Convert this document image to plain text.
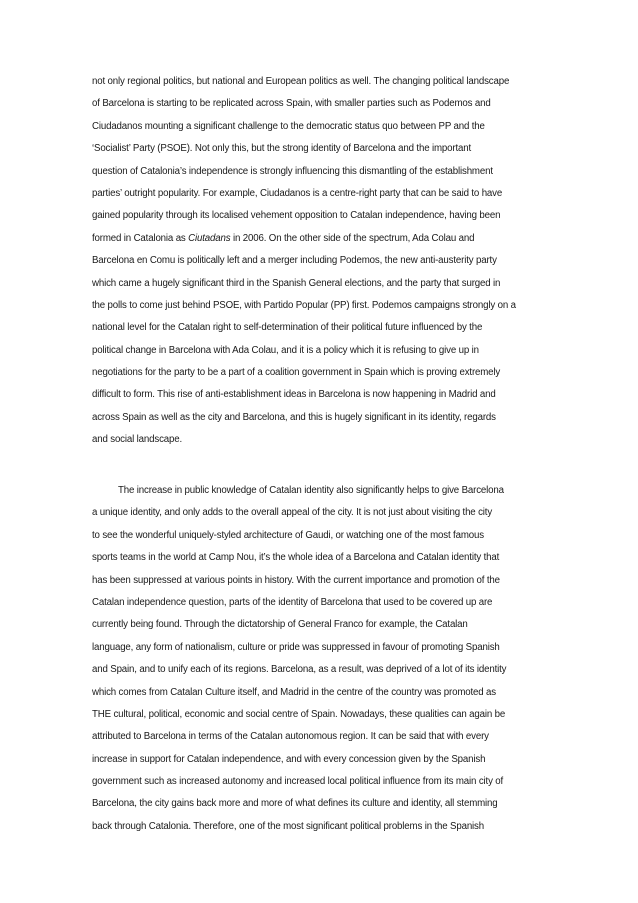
not only regional politics, but national and European politics as well. The changing political landscape
of Barcelona is starting to be replicated across Spain, with smaller parties such as Podemos and
Ciudadanos mounting a significant challenge to the democratic status quo between PP and the
‘Socialist’ Party (PSOE). Not only this, but the strong identity of Barcelona and the important
question of Catalonia’s independence is strongly influencing this dismantling of the establishment
parties’ outright popularity. For example, Ciudadanos is a centre-right party that can be said to have
gained popularity through its localised vehement opposition to Catalan independence, having been
formed in Catalonia as Ciutadans in 2006. On the other side of the spectrum, Ada Colau and
Barcelona en Comu is politically left and a merger including Podemos, the new anti-austerity party
which came a hugely significant third in the Spanish General elections, and the party that surged in
the polls to come just behind PSOE, with Partido Popular (PP) first. Podemos campaigns strongly on a
national level for the Catalan right to self-determination of their political future influenced by the
political change in Barcelona with Ada Colau, and it is a policy which it is refusing to give up in
negotiations for the party to be a part of a coalition government in Spain which is proving extremely
difficult to form. This rise of anti-establishment ideas in Barcelona is now happening in Madrid and
across Spain as well as the city and Barcelona, and this is hugely significant in its identity, regards
and social landscape.
The increase in public knowledge of Catalan identity also significantly helps to give Barcelona
a unique identity, and only adds to the overall appeal of the city. It is not just about visiting the city
to see the wonderful uniquely-styled architecture of Gaudi, or watching one of the most famous
sports teams in the world at Camp Nou, it’s the whole idea of a Barcelona and Catalan identity that
has been suppressed at various points in history. With the current importance and promotion of the
Catalan independence question, parts of the identity of Barcelona that used to be covered up are
currently being found. Through the dictatorship of General Franco for example, the Catalan
language, any form of nationalism, culture or pride was suppressed in favour of promoting Spanish
and Spain, and to unify each of its regions. Barcelona, as a result, was deprived of a lot of its identity
which comes from Catalan Culture itself, and Madrid in the centre of the country was promoted as
THE cultural, political, economic and social centre of Spain. Nowadays, these qualities can again be
attributed to Barcelona in terms of the Catalan autonomous region. It can be said that with every
increase in support for Catalan independence, and with every concession given by the Spanish
government such as increased autonomy and increased local political influence from its main city of
Barcelona, the city gains back more and more of what defines its culture and identity, all stemming
back through Catalonia. Therefore, one of the most significant political problems in the Spanish
